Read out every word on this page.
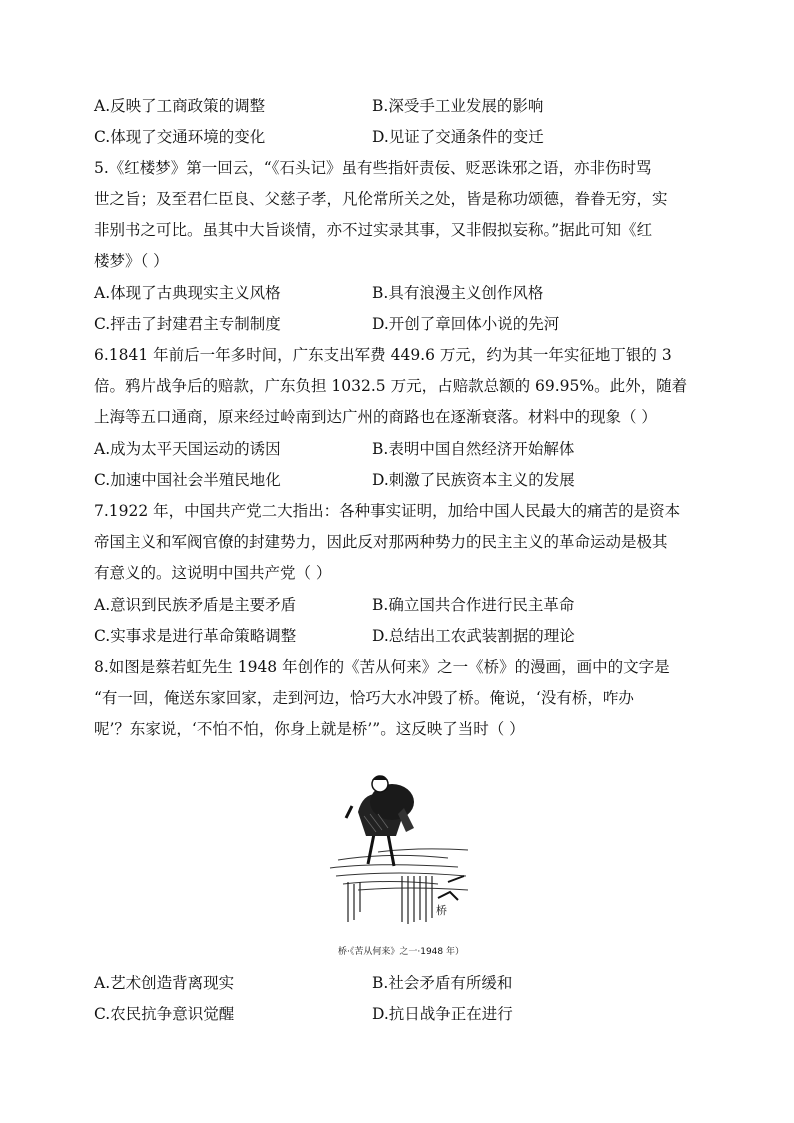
A.反映了工商政策的调整	B.深受手工业发展的影响
C.体现了交通环境的变化	D.见证了交通条件的变迁
5.《红楼梦》第一回云，“《石头记》虽有些指奸责佞、贬恶诛邪之语，亦非伤时骂
世之旨；及至君仁臣良、父慈子孝，凡伦常所关之处，皆是称功颂德，眷眷无穷，实
非别书之可比。虽其中大旨谈情，亦不过实录其事，又非假拟妄称。”据此可知《红
楼梦》（ ）
A.体现了古典现实主义风格	B.具有浪漫主义创作风格
C.抨击了封建君主专制制度	D.开创了章回体小说的先河
6.1841 年前后一年多时间，广东支出军费 449.6 万元，约为其一年实征地丁银的 3
倍。鸦片战争后的赔款，广东负担 1032.5 万元，占赔款总额的 69.95%。此外，随着
上海等五口通商，原来经过岭南到达广州的商路也在逐渐衰落。材料中的现象（ ）
A.成为太平天国运动的诱因	B.表明中国自然经济开始解体
C.加速中国社会半殖民地化	D.刺激了民族资本主义的发展
7.1922 年，中国共产党二大指出：各种事实证明，加给中国人民最大的痛苦的是资本
帝国主义和军阀官僚的封建势力，因此反对那两种势力的民主主义的革命运动是极其
有意义的。这说明中国共产党（ ）
A.意识到民族矛盾是主要矛盾	B.确立国共合作进行民主革命
C.实事求是进行革命策略调整	D.总结出工农武装割据的理论
8.如图是蔡若虹先生 1948 年创作的《苦从何来》之一《桥》的漫画，画中的文字是
“有一回，俺送东家回家，走到河边，恰巧大水冲毁了桥。俺说，‘没有桥，咋办
呢’？东家说，‘不怕不怕，你身上就是桥’”。这反映了当时（ ）
桥
桥·《苦从何来》之一·1948 年）
A.艺术创造背离现实	B.社会矛盾有所缓和
C.农民抗争意识觉醒	D.抗日战争正在进行
